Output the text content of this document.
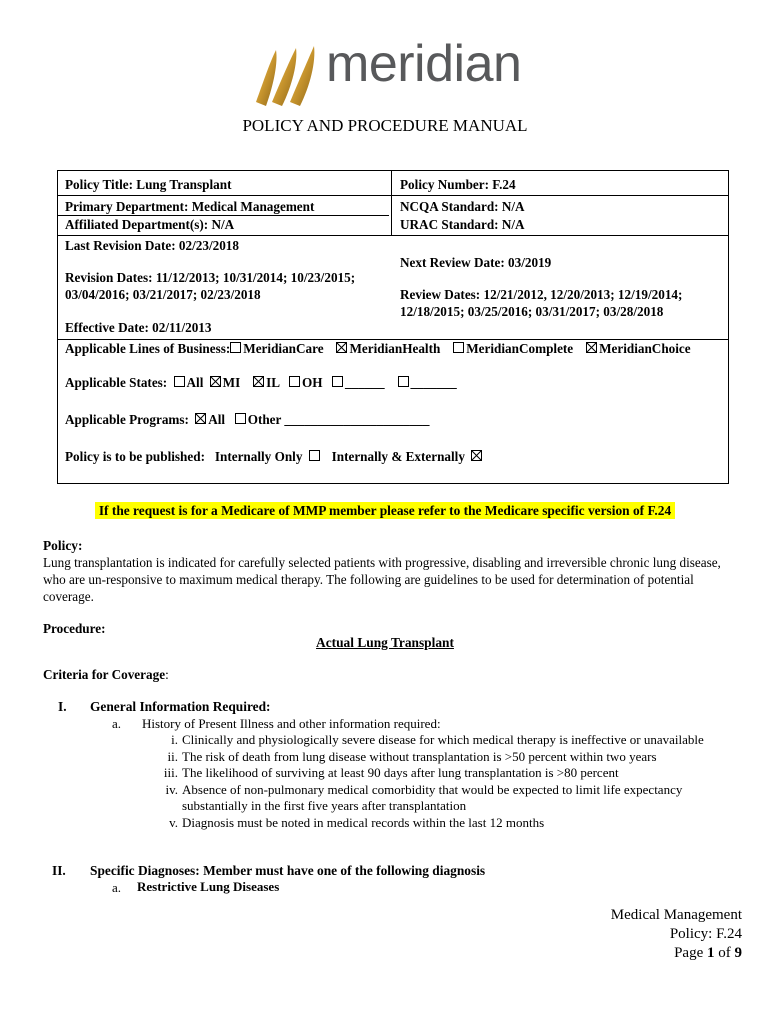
meridian
POLICY AND PROCEDURE MANUAL
Policy Title: Lung Transplant	Policy Number: F.24
Primary Department: Medical Management	NCQA Standard: N/A
Affiliated Department(s): N/A	URAC Standard: N/A
Last Revision Date: 02/23/2018
Next Review Date: 03/2019
Revision Dates: 11/12/2013; 10/31/2014; 10/23/2015;
03/04/2016; 03/21/2017; 02/23/2018	Review Dates: 12/21/2012, 12/20/2013; 12/19/2014;
12/18/2015; 03/25/2016; 03/31/2017; 03/28/2018
Effective Date: 02/11/2013
Applicable Lines of Business: MeridianCare MeridianHealth MeridianComplete MeridianChoice
Applicable States: All MI IL OH ______ _______
Applicable Programs: All Other ______________________
Policy is to be published: Internally Only Internally & Externally
If the request is for a Medicare of MMP member please refer to the Medicare specific version of F.24
Policy:
Lung transplantation is indicated for carefully selected patients with progressive, disabling and irreversible chronic lung disease, who are un-responsive to maximum medical therapy. The following are guidelines to be used for determination of potential coverage.
Procedure:
Actual Lung Transplant
Criteria for Coverage:
I. General Information Required:
a. History of Present Illness and other information required:
i. Clinically and physiologically severe disease for which medical therapy is ineffective or unavailable
ii. The risk of death from lung disease without transplantation is >50 percent within two years
iii. The likelihood of surviving at least 90 days after lung transplantation is >80 percent
iv. Absence of non-pulmonary medical comorbidity that would be expected to limit life expectancy
substantially in the first five years after transplantation
v. Diagnosis must be noted in medical records within the last 12 months
II. Specific Diagnoses: Member must have one of the following diagnosis
a. Restrictive Lung Diseases
Medical Management
Policy: F.24
Page 1 of 9
